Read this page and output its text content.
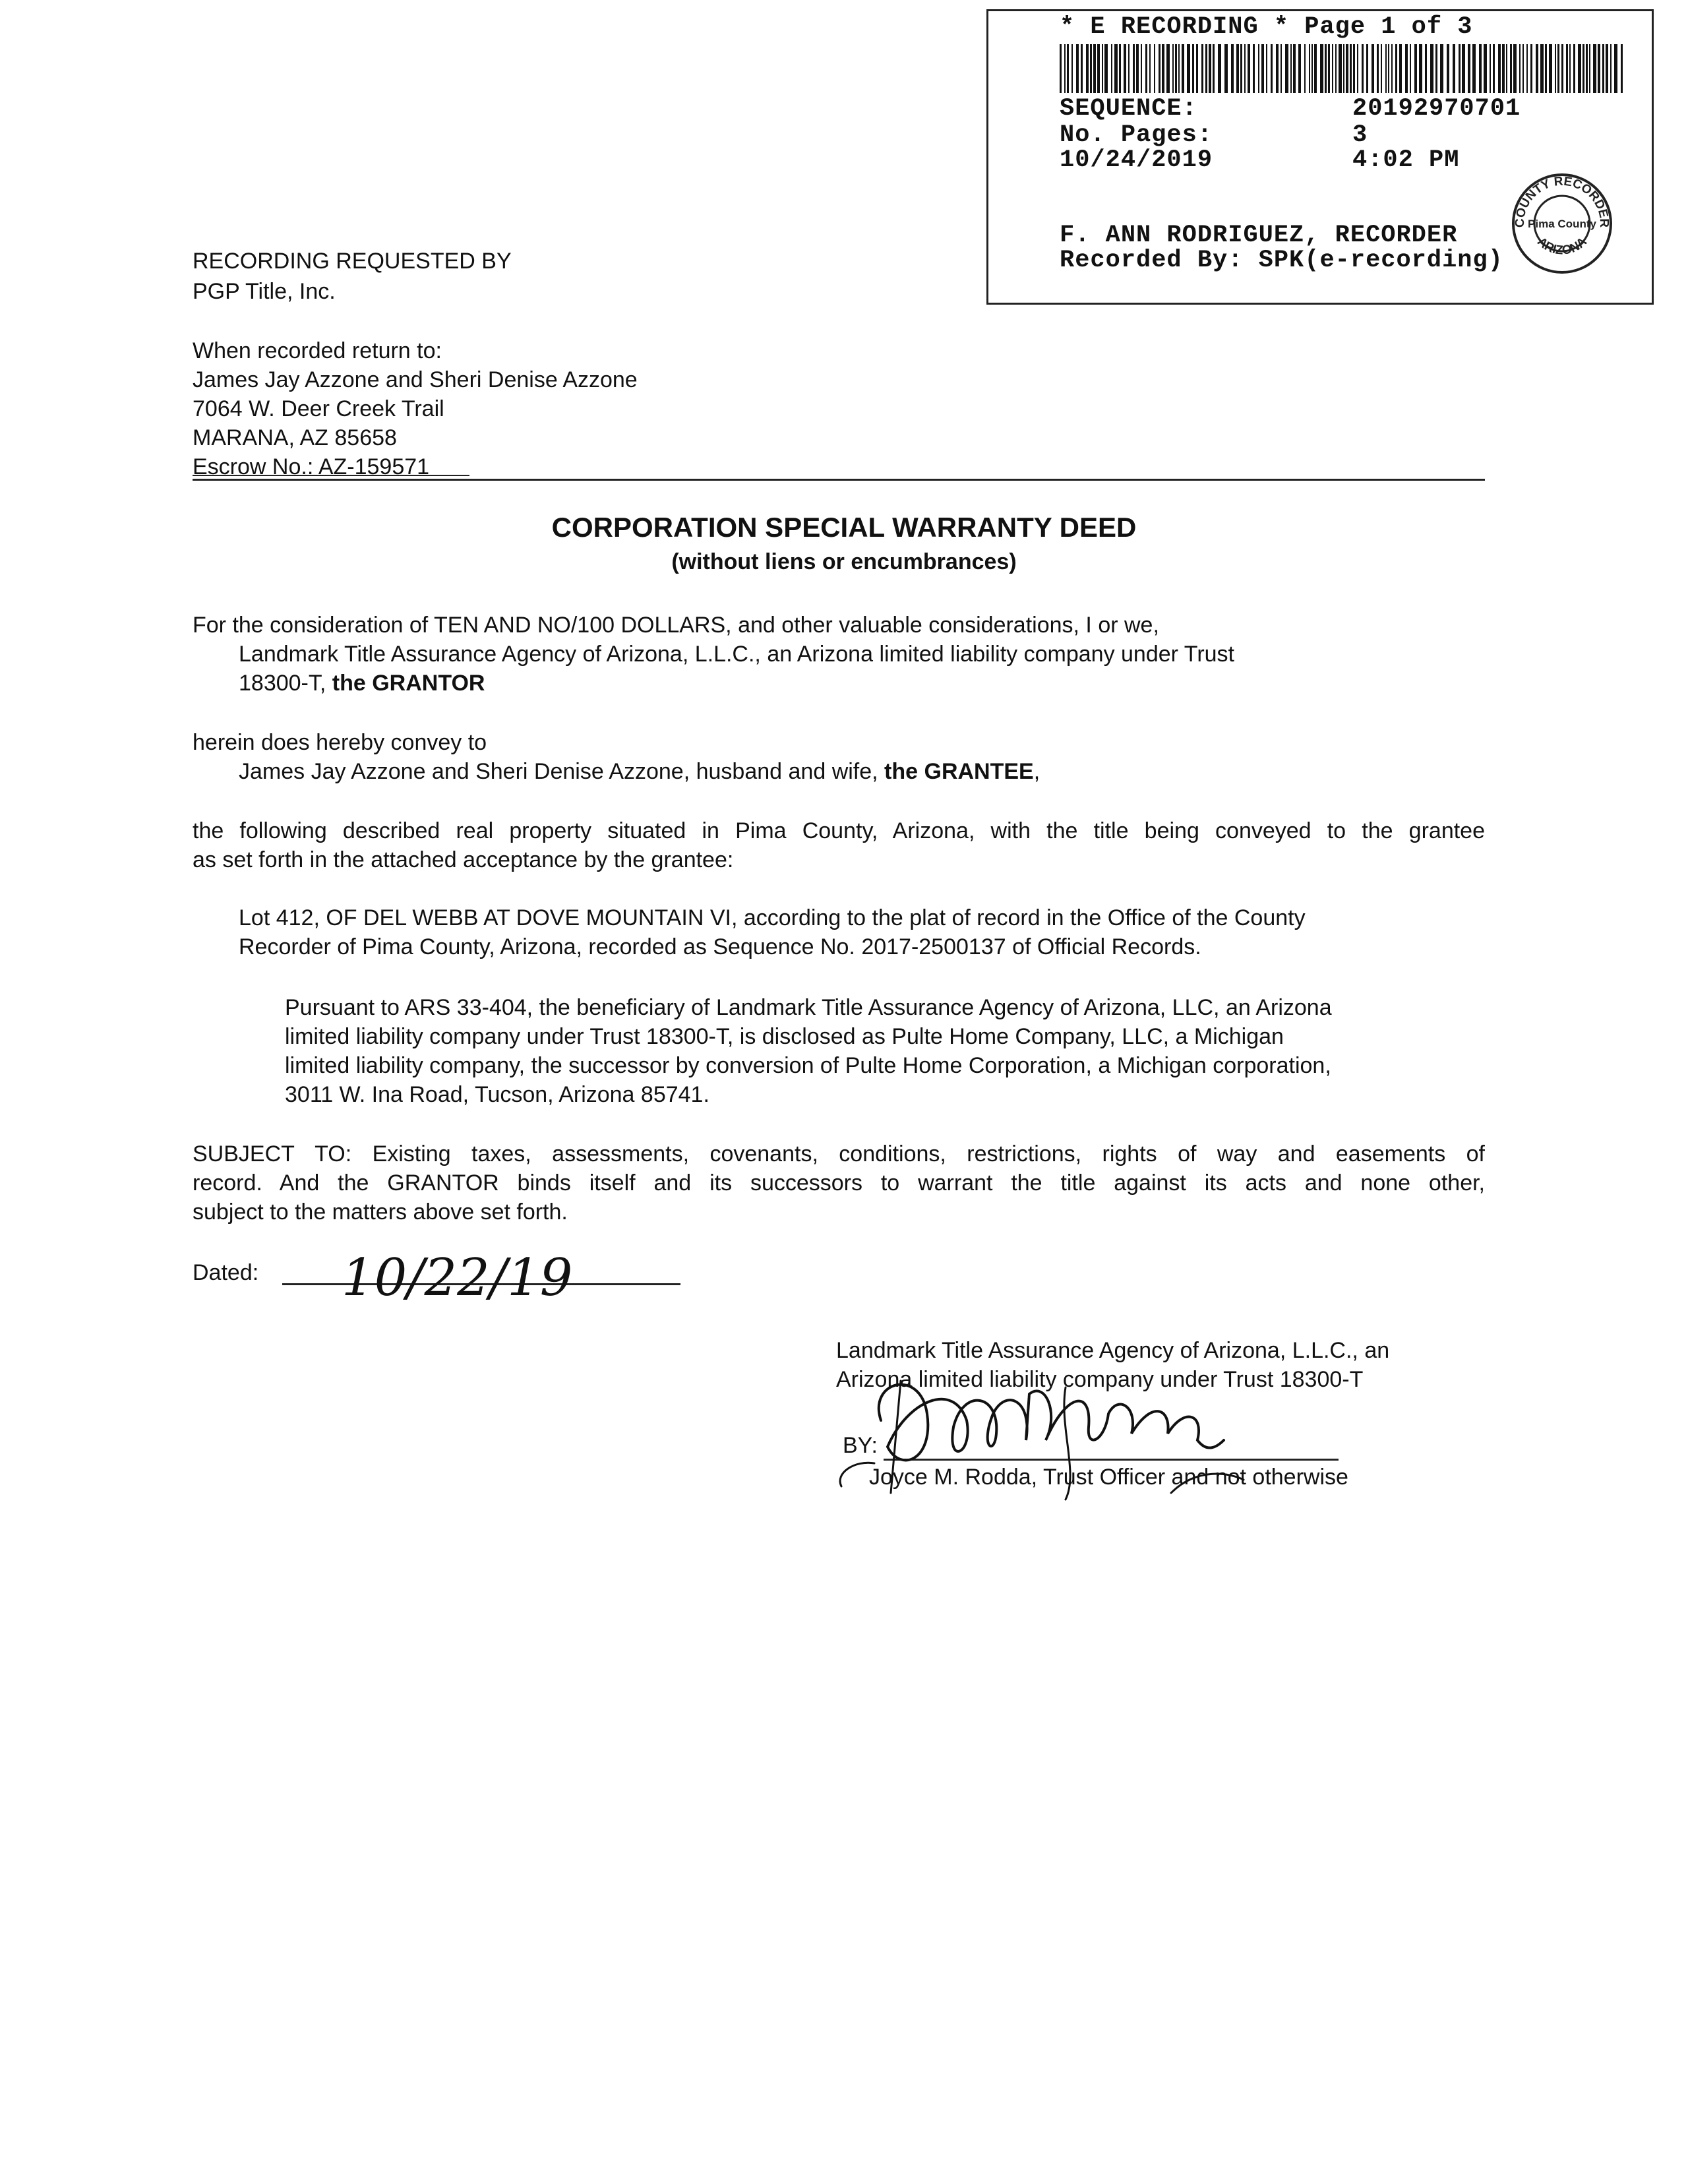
* E RECORDING * Page 1 of 3
SEQUENCE:	20192970701
No. Pages:	3
10/24/2019	4:02 PM
F. ANN RODRIGUEZ, RECORDER
Recorded By: SPK(e-recording)
COUNTY RECORDER
Pima County
ARIZONA
RECORDING REQUESTED BY
PGP Title, Inc.
When recorded return to:
James Jay Azzone and Sheri Denise Azzone
7064 W. Deer Creek Trail
MARANA, AZ 85658
Escrow No.: AZ-159571
CORPORATION SPECIAL WARRANTY DEED
(without liens or encumbrances)
For the consideration of TEN AND NO/100 DOLLARS, and other valuable considerations, I or we,
Landmark Title Assurance Agency of Arizona, L.L.C., an Arizona limited liability company under Trust
18300-T, the GRANTOR
herein does hereby convey to
James Jay Azzone and Sheri Denise Azzone, husband and wife, the GRANTEE,
the following described real property situated in Pima County, Arizona, with the title being conveyed to the grantee
as set forth in the attached acceptance by the grantee:
Lot 412, OF DEL WEBB AT DOVE MOUNTAIN VI, according to the plat of record in the Office of the County
Recorder of Pima County, Arizona, recorded as Sequence No. 2017-2500137 of Official Records.
Pursuant to ARS 33-404, the beneficiary of Landmark Title Assurance Agency of Arizona, LLC, an Arizona
limited liability company under Trust 18300-T, is disclosed as Pulte Home Company, LLC, a Michigan
limited liability company, the successor by conversion of Pulte Home Corporation, a Michigan corporation,
3011 W. Ina Road, Tucson, Arizona 85741.
SUBJECT TO: Existing taxes, assessments, covenants, conditions, restrictions, rights of way and easements of
record. And the GRANTOR binds itself and its successors to warrant the title against its acts and none other,
subject to the matters above set forth.
Dated: 10/22/19
Landmark Title Assurance Agency of Arizona, L.L.C., an
Arizona limited liability company under Trust 18300-T
BY:
Joyce M. Rodda, Trust Officer and not otherwise
